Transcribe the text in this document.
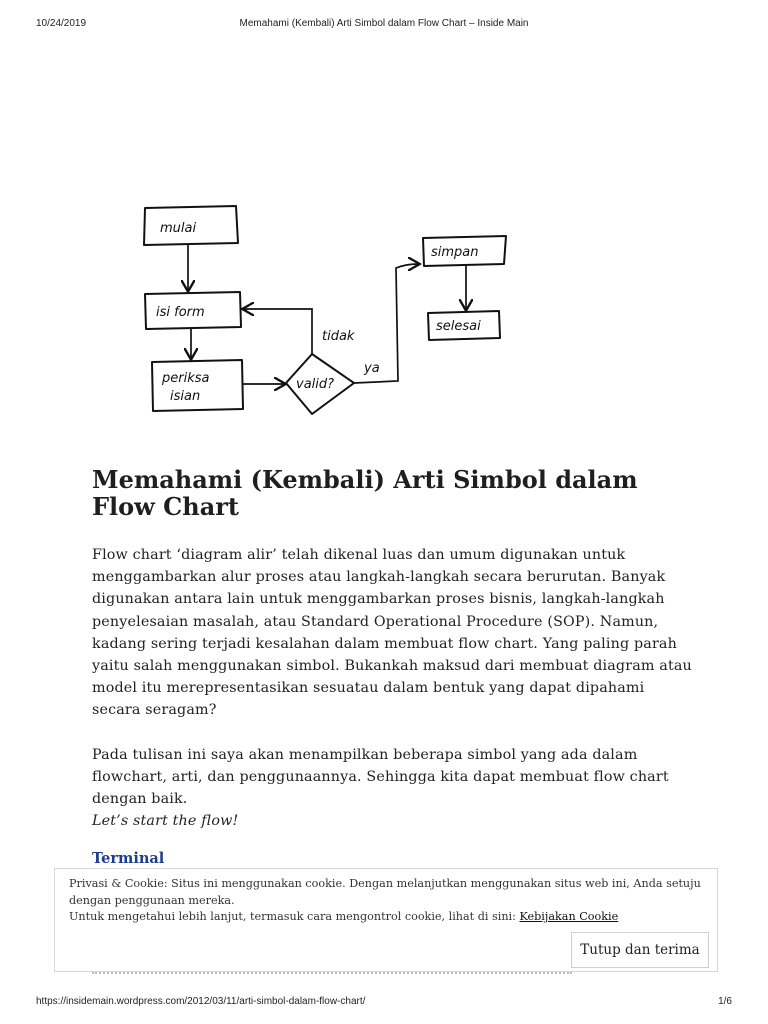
10/24/2019	Memahami (Kembali) Arti Simbol dalam Flow Chart – Inside Main
mulai
isi form
periksa
isian
valid?
tidak
ya
simpan
selesai
Memahami (Kembali) Arti Simbol dalam Flow Chart

Flow chart ‘diagram alir’ telah dikenal luas dan umum digunakan untuk menggambarkan alur proses atau langkah-langkah secara berurutan. Banyak digunakan antara lain untuk menggambarkan proses bisnis, langkah-langkah penyelesaian masalah, atau Standard Operational Procedure (SOP). Namun, kadang sering terjadi kesalahan dalam membuat flow chart. Yang paling parah yaitu salah menggunakan simbol. Bukankah maksud dari membuat diagram atau model itu merepresentasikan sesuatau dalam bentuk yang dapat dipahami secara seragam?

Pada tulisan ini saya akan menampilkan beberapa simbol yang ada dalam flowchart, arti, dan penggunaannya. Sehingga kita dapat membuat flow chart dengan baik.
Let’s start the flow!

Terminal
Privasi & Cookie: Situs ini menggunakan cookie. Dengan melanjutkan menggunakan situs web ini, Anda setuju dengan penggunaan mereka.
Untuk mengetahui lebih lanjut, termasuk cara mengontrol cookie, lihat di sini: Kebijakan Cookie
Tutup dan terima
https://insidemain.wordpress.com/2012/03/11/arti-simbol-dalam-flow-chart/	1/6
